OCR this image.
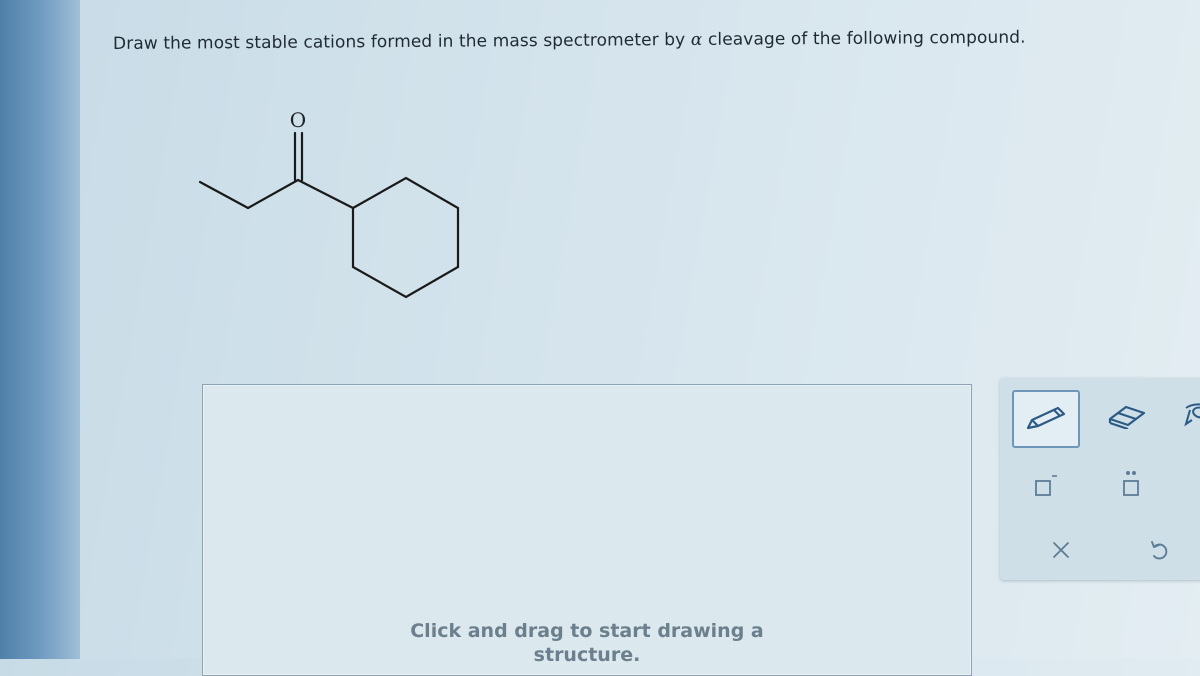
Draw the most stable cations formed in the mass spectrometer by α cleavage of the following compound.
O
Click and drag to start drawing a
structure.
